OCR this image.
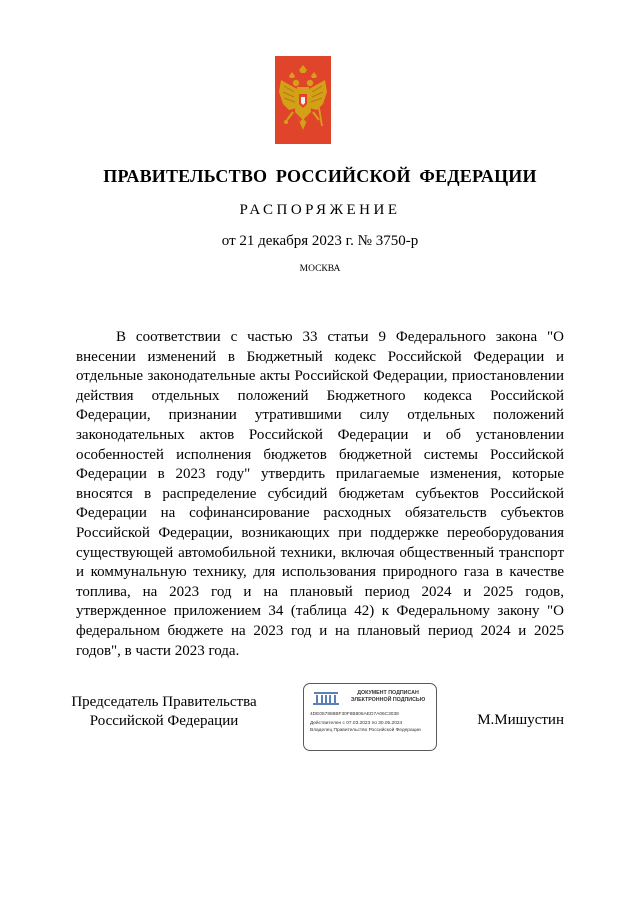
ПРАВИТЕЛЬСТВО РОССИЙСКОЙ ФЕДЕРАЦИИ
РАСПОРЯЖЕНИЕ
от 21 декабря 2023 г. № 3750-р
МОСКВА

В соответствии с частью 33 статьи 9 Федерального закона "О внесении изменений в Бюджетный кодекс Российской Федерации и отдельные законодательные акты Российской Федерации, приостановлении действия отдельных положений Бюджетного кодекса Российской Федерации, признании утратившими силу отдельных положений законодательных актов Российской Федерации и об установлении особенностей исполнения бюджетов бюджетной системы Российской Федерации в 2023 году" утвердить прилагаемые изменения, которые вносятся в распределение субсидий бюджетам субъектов Российской Федерации на софинансирование расходных обязательств субъектов Российской Федерации, возникающих при поддержке переоборудования существующей автомобильной техники, включая общественный транспорт и коммунальную технику, для использования природного газа в качестве топлива, на 2023 год и на плановый период 2024 и 2025 годов, утвержденное приложением 34 (таблица 42) к Федеральному закону "О федеральном бюджете на 2023 год и на плановый период 2024 и 2025 годов", в части 2023 года.

Председатель Правительства
Российской Федерации
ДОКУМЕНТ ПОДПИСАН
ЭЛЕКТРОННОЙ ПОДПИСЬЮ
4DE057888BF30F8B806AED7A06C3038
Действителен с 07.03.2023 по 30.05.2024
Владелец Правительство Российской Федерации
М.Мишустин
